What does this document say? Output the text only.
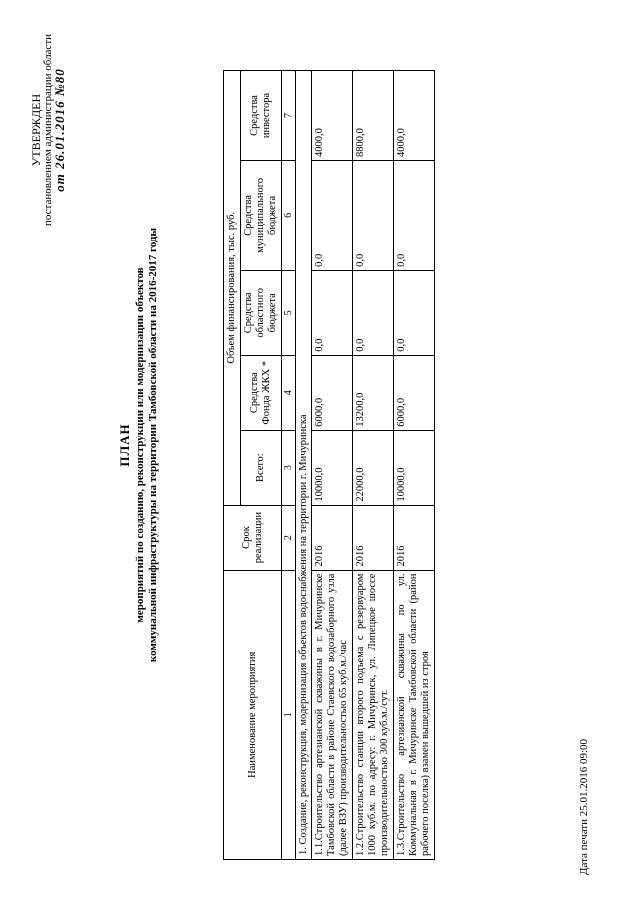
УТВЕРЖДЕН постановлением администрации области
от 26.01.2016 №80
ПЛАН мероприятий по созданию, реконструкции или модернизации объектов коммунальной инфраструктуры на территории Тамбовской области на 2016-2017 годы
Наименование мероприятия	Срок реализации	Объем финансирования, тыс. руб.				
		Всего:	Средства Фонда ЖКХ *	Средства областного бюджета	Средства муниципального бюджета	Средства инвестора
1	2	3	4	5	6	7
1. Создание, реконструкция, модернизация объектов водоснабжения на территории г. Мичуринска						
1.1.Строительство артезианской скважины в г. Мичуринске Тамбовской области в районе Стаевского водозаборного узла (далее ВЗУ) производительностью 65 куб.м./час	2016	10000,0	6000,0	0,0	0,0	4000,0
1.2.Строительство станции второго подъема с резервуаром 1000 куб.м. по адресу: г. Мичуринск, ул. Липецкое шоссе производительностью 300 куб.м./сут.	2016	22000,0	13200,0	0,0	0,0	8800,0
1.3.Строительство артезианской скважины по ул. Коммунальная в г. Мичуринске Тамбовской области (район рабочего поселка) взамен вышедшей из строя	2016	10000,0	6000,0	0,0	0,0	4000,0
Дата печати 25.01.2016 09:00
